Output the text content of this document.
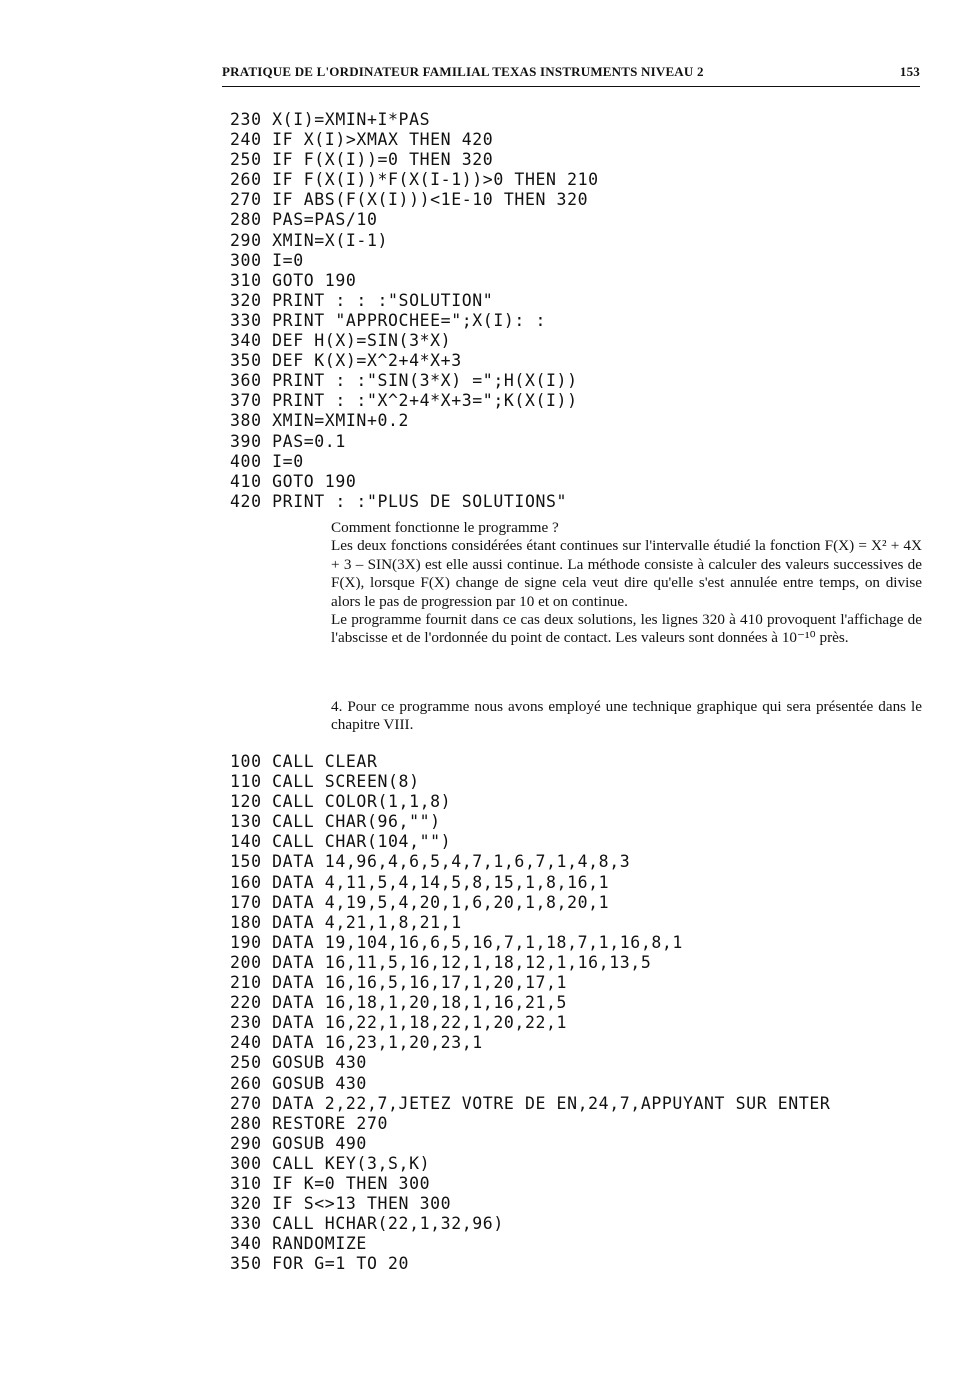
PRATIQUE DE L'ORDINATEUR FAMILIAL TEXAS INSTRUMENTS NIVEAU 2	153
230 X(I)=XMIN+I*PAS
240 IF X(I)>XMAX THEN 420
250 IF F(X(I))=0 THEN 320
260 IF F(X(I))*F(X(I-1))>0 THEN 210
270 IF ABS(F(X(I)))<1E-10 THEN 320
280 PAS=PAS/10
290 XMIN=X(I-1)
300 I=0
310 GOTO 190
320 PRINT : : :"SOLUTION"
330 PRINT "APPROCHEE=";X(I): :
340 DEF H(X)=SIN(3*X)
350 DEF K(X)=X^2+4*X+3
360 PRINT : :"SIN(3*X) =";H(X(I))
370 PRINT : :"X^2+4*X+3=";K(X(I))
380 XMIN=XMIN+0.2
390 PAS=0.1
400 I=0
410 GOTO 190
420 PRINT : :"PLUS DE SOLUTIONS"

Comment fonctionne le programme ?

Les deux fonctions considérées étant continues sur l'intervalle étudié la fonction F(X) = X² + 4X + 3 – SIN(3X) est elle aussi continue. La méthode consiste à calculer des valeurs successives de F(X), lorsque F(X) change de signe cela veut dire qu'elle s'est annulée entre temps, on divise alors le pas de progression par 10 et on continue.

Le programme fournit dans ce cas deux solutions, les lignes 320 à 410 provoquent l'affichage de l'abscisse et de l'ordonnée du point de contact. Les valeurs sont données à 10⁻¹⁰ près.

4. Pour ce programme nous avons employé une technique graphique qui sera présentée dans le chapitre VIII.

100 CALL CLEAR
110 CALL SCREEN(8)
120 CALL COLOR(1,1,8)
130 CALL CHAR(96,"")
140 CALL CHAR(104,"")
150 DATA 14,96,4,6,5,4,7,1,6,7,1,4,8,3
160 DATA 4,11,5,4,14,5,8,15,1,8,16,1
170 DATA 4,19,5,4,20,1,6,20,1,8,20,1
180 DATA 4,21,1,8,21,1
190 DATA 19,104,16,6,5,16,7,1,18,7,1,16,8,1
200 DATA 16,11,5,16,12,1,18,12,1,16,13,5
210 DATA 16,16,5,16,17,1,20,17,1
220 DATA 16,18,1,20,18,1,16,21,5
230 DATA 16,22,1,18,22,1,20,22,1
240 DATA 16,23,1,20,23,1
250 GOSUB 430
260 GOSUB 430
270 DATA 2,22,7,JETEZ VOTRE DE EN,24,7,APPUYANT SUR ENTER
280 RESTORE 270
290 GOSUB 490
300 CALL KEY(3,S,K)
310 IF K=0 THEN 300
320 IF S<>13 THEN 300
330 CALL HCHAR(22,1,32,96)
340 RANDOMIZE
350 FOR G=1 TO 20
